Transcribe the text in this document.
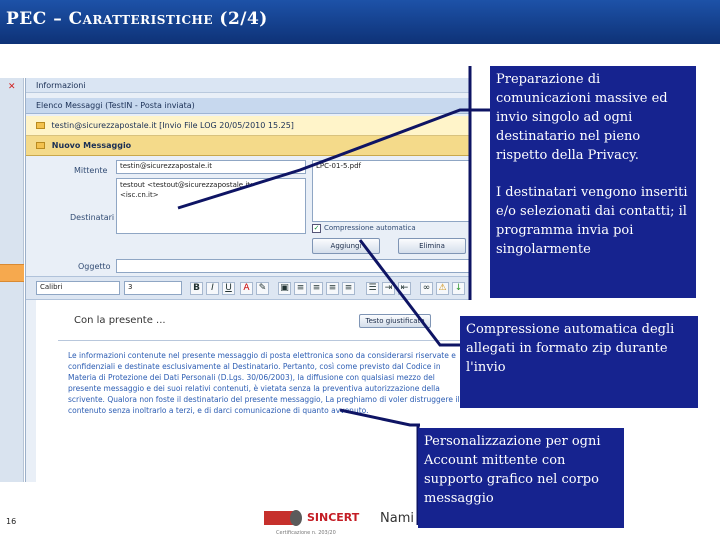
PEC – Caratteristiche (2/4)
✕	Informazioni
Elenco Messaggi (TestIN - Posta inviata)
testin@sicurezzapostale.it [Invio File LOG 20/05/2010 15.25]
Nuovo Messaggio
Mittente	testin@sicurezzapostale.it
Destinatari
testout <testout@sicurezzapostale.it>
<isc.cn.it>
LPC-01-5.pdf
✓ Compressione automatica
Aggiungi	Elimina
Oggetto
Calibri	3	B	I	U	A	✎	▣ ≡ ≡ ≡ ≡	☰ ⇥ ⇤	∞ ⚠ ↓
Con la presente ...	Testo giustificato
Le informazioni contenute nel presente messaggio di posta elettronica sono da considerarsi riservate e confidenziali e destinate esclusivamente al Destinatario. Pertanto, così come previsto dal Codice in Materia di Protezione dei Dati Personali (D.Lgs. 30/06/2003), la diffusione con qualsiasi mezzo del presente messaggio e dei suoi relativi contenuti, è vietata senza la preventiva autorizzazione della scrivente. Qualora non foste il destinatario del presente messaggio, La preghiamo di voler distruggere il contenuto senza inoltrarlo a terzi, e di darci comunicazione di quanto avvenuto.
Preparazione di comunicazioni massive ed invio singolo ad ogni destinatario nel pieno rispetto della Privacy.
I destinatari vengono inseriti e/o selezionati dai contatti; il programma invia poi singolarmente
Compressione automatica degli allegati in formato zip durante l'invio
Personalizzazione per ogni Account mittente con supporto grafico nel corpo messaggio
16	SINCERT
Certificazione n. 203/20
Nami
